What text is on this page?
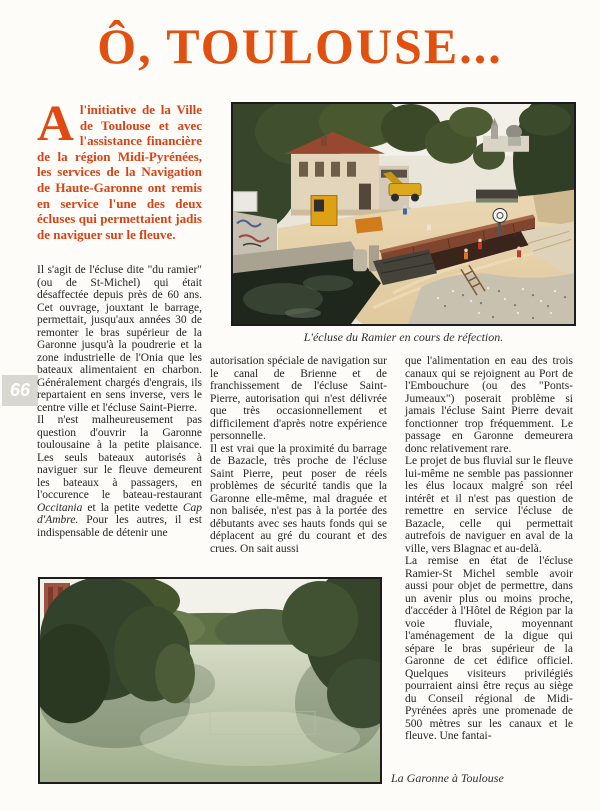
Ô, TOULOUSE...
Al'initiative de la Ville de Toulouse et avec l'assistance financière de la région Midi-Pyrénées, les services de la Navigation de Haute-Garonne ont remis en service l'une des deux écluses qui permettaient jadis de naviguer sur le fleuve.
66
L'écluse du Ramier en cours de réfection.

Il s'agit de l'écluse dite "du ramier" (ou de St-Michel) qui était désaffectée depuis près de 60 ans. Cet ouvrage, jouxtant le barrage, permettait, jusqu'aux années 30 de remonter le bras supérieur de la Garonne jusqu'à la poudrerie et la zone industrielle de l'Onia que les bateaux alimentaient en charbon. Généralement chargés d'engrais, ils repartaient en sens inverse, vers le centre ville et l'écluse Saint-Pierre.

Il n'est malheureusement pas question d'ouvrir la Garonne toulousaine à la petite plaisance. Les seuls bateaux autorisés à naviguer sur le fleuve demeurent les bateaux à passagers, en l'occurence le bateau-restaurant Occitania et la petite vedette Cap d'Ambre. Pour les autres, il est indispensable de détenir une

autorisation spéciale de navigation sur le canal de Brienne et de franchissement de l'écluse Saint-Pierre, autorisation qui n'est délivrée que très occasionnellement et difficilement d'après notre expérience personnelle.

Il est vrai que la proximité du barrage de Bazacle, très proche de l'écluse Saint Pierre, peut poser de réels problèmes de sécurité tandis que la Garonne elle-même, mal draguée et non balisée, n'est pas à la portée des débutants avec ses hauts fonds qui se déplacent au gré du courant et des crues. On sait aussi

que l'alimentation en eau des trois canaux qui se rejoignent au Port de l'Embouchure (ou des "Ponts-Jumeaux") poserait problème si jamais l'écluse Saint Pierre devait fonctionner trop fréquemment. Le passage en Garonne demeurera donc relativement rare.

Le projet de bus fluvial sur le fleuve lui-même ne semble pas passionner les élus locaux malgré son réel intérêt et il n'est pas question de remettre en service l'écluse de Bazacle, celle qui permettait autrefois de naviguer en aval de la ville, vers Blagnac et au-delà.

La remise en état de l'écluse Ramier-St Michel semble avoir aussi pour objet de permettre, dans un avenir plus ou moins proche, d'accéder à l'Hôtel de Région par la voie fluviale, moyennant l'aménagement de la digue qui sépare le bras supérieur de la Garonne de cet édifice officiel. Quelques visiteurs privilégiés pourraient ainsi être reçus au siège du Conseil régional de Midi-Pyrénées après une promenade de 500 mètres sur les canaux et le fleuve. Une fantai-

La Garonne à Toulouse
